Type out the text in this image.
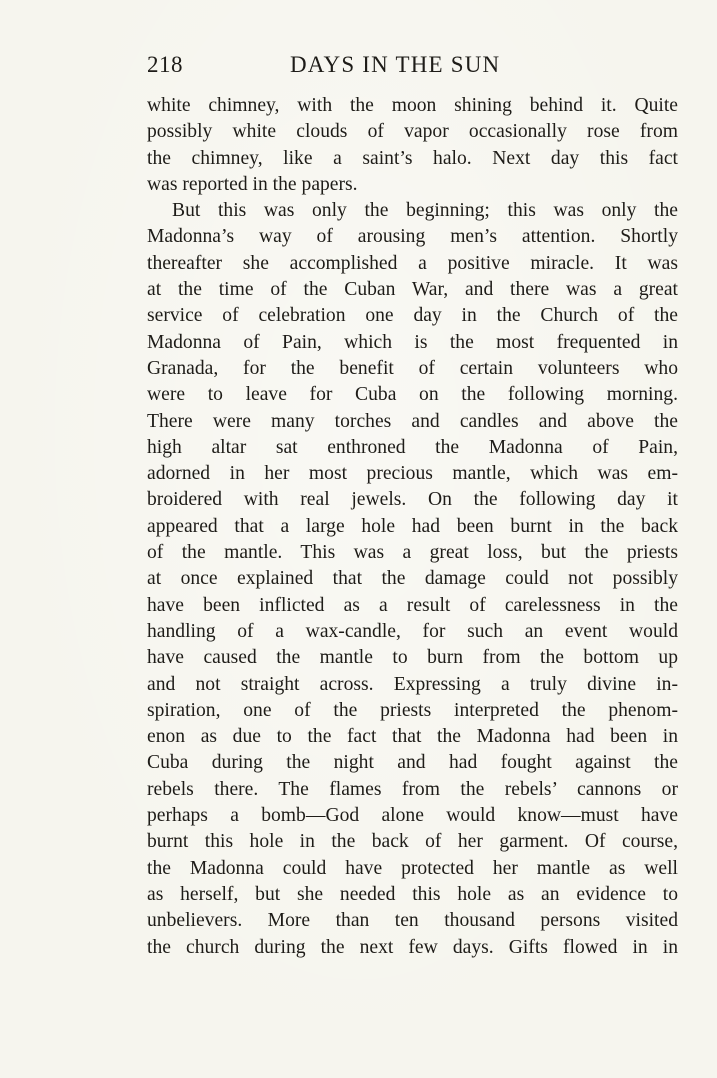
218	DAYS IN THE SUN
white chimney, with the moon shining behind it. Quite
possibly white clouds of vapor occasionally rose from
the chimney, like a saint’s halo. Next day this fact
was reported in the papers.
But this was only the beginning; this was only the
Madonna’s way of arousing men’s attention. Shortly
thereafter she accomplished a positive miracle. It was
at the time of the Cuban War, and there was a great
service of celebration one day in the Church of the
Madonna of Pain, which is the most frequented in
Granada, for the benefit of certain volunteers who
were to leave for Cuba on the following morning.
There were many torches and candles and above the
high altar sat enthroned the Madonna of Pain,
adorned in her most precious mantle, which was em-
broidered with real jewels. On the following day it
appeared that a large hole had been burnt in the back
of the mantle. This was a great loss, but the priests
at once explained that the damage could not possibly
have been inflicted as a result of carelessness in the
handling of a wax-candle, for such an event would
have caused the mantle to burn from the bottom up
and not straight across. Expressing a truly divine in-
spiration, one of the priests interpreted the phenom-
enon as due to the fact that the Madonna had been in
Cuba during the night and had fought against the
rebels there. The flames from the rebels’ cannons or
perhaps a bomb—God alone would know—must have
burnt this hole in the back of her garment. Of course,
the Madonna could have protected her mantle as well
as herself, but she needed this hole as an evidence to
unbelievers. More than ten thousand persons visited
the church during the next few days. Gifts flowed in in
